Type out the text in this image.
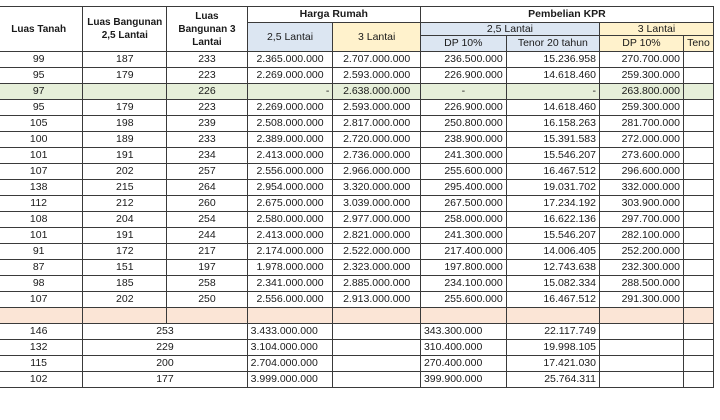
Luas Tanah	Luas Bangunan 2,5 Lantai	Luas Bangunan 3 Lantai	Harga Rumah		Pembelian KPR			
			2,5 Lantai	3 Lantai	2,5 Lantai		3 Lantai	
					DP 10%	Tenor 20 tahun	DP 10%	Teno
99	187	233	2.365.000.000	2.707.000.000	236.500.000	15.236.958	270.700.000	
95	179	223	2.269.000.000	2.593.000.000	226.900.000	14.618.460	259.300.000	
97		226	-	2.638.000.000	-	-	263.800.000	
95	179	223	2.269.000.000	2.593.000.000	226.900.000	14.618.460	259.300.000	
105	198	239	2.508.000.000	2.817.000.000	250.800.000	16.158.263	281.700.000	
100	189	233	2.389.000.000	2.720.000.000	238.900.000	15.391.583	272.000.000	
101	191	234	2.413.000.000	2.736.000.000	241.300.000	15.546.207	273.600.000	
107	202	257	2.556.000.000	2.966.000.000	255.600.000	16.467.512	296.600.000	
138	215	264	2.954.000.000	3.320.000.000	295.400.000	19.031.702	332.000.000	
112	212	260	2.675.000.000	3.039.000.000	267.500.000	17.234.192	303.900.000	
108	204	254	2.580.000.000	2.977.000.000	258.000.000	16.622.136	297.700.000	
101	191	244	2.413.000.000	2.821.000.000	241.300.000	15.546.207	282.100.000	
91	172	217	2.174.000.000	2.522.000.000	217.400.000	14.006.405	252.200.000	
87	151	197	1.978.000.000	2.323.000.000	197.800.000	12.743.638	232.300.000	
98	185	258	2.341.000.000	2.885.000.000	234.100.000	15.082.334	288.500.000	
107	202	250	2.556.000.000	2.913.000.000	255.600.000	16.467.512	291.300.000	

146	253		3.433.000.000		343.300.000	22.117.749		
132	229		3.104.000.000		310.400.000	19.998.105		
115	200		2.704.000.000		270.400.000	17.421.030		
102	177		3.999.000.000		399.900.000	25.764.311		
